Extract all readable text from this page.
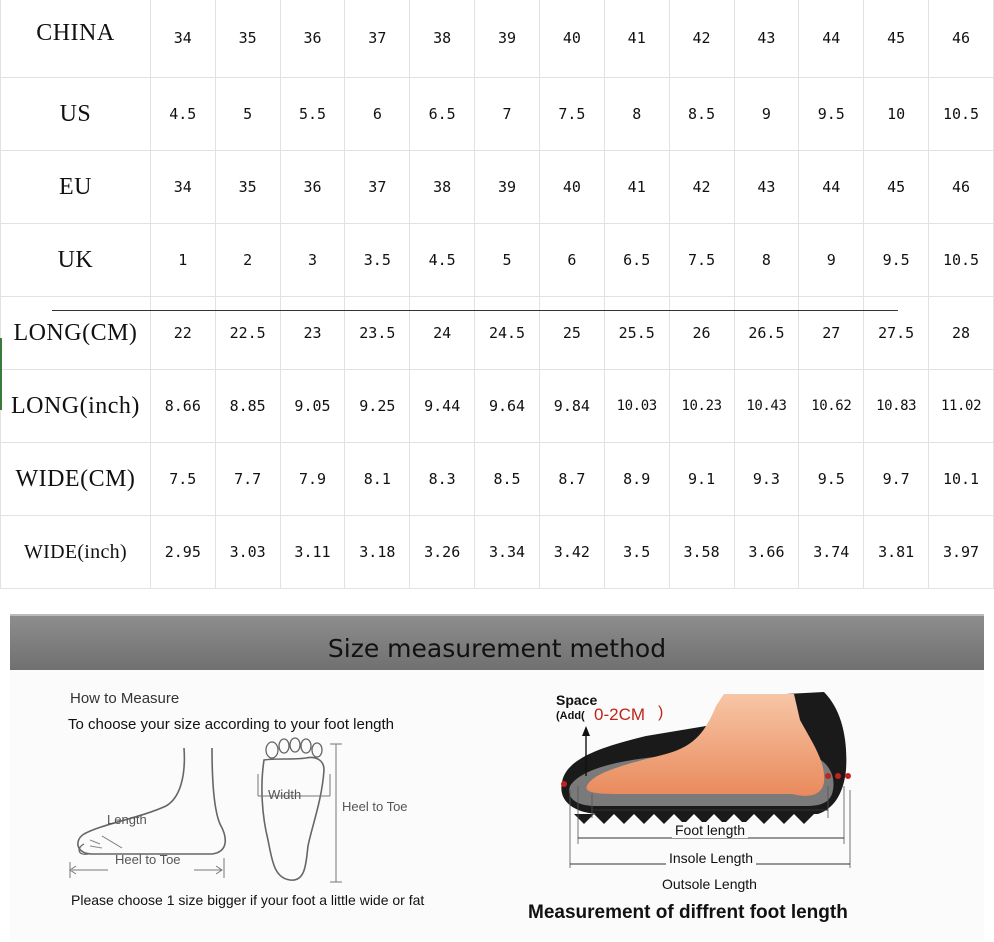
CHINA	34	35	36	37	38	39	40	41	42	43	44	45	46
US	4.5	5	5.5	6	6.5	7	7.5	8	8.5	9	9.5	10	10.5
EU	34	35	36	37	38	39	40	41	42	43	44	45	46
UK	1	2	3	3.5	4.5	5	6	6.5	7.5	8	9	9.5	10.5
LONG(CM)	22	22.5	23	23.5	24	24.5	25	25.5	26	26.5	27	27.5	28
LONG(inch)	8.66	8.85	9.05	9.25	9.44	9.64	9.84	10.03	10.23	10.43	10.62	10.83	11.02
WIDE(CM)	7.5	7.7	7.9	8.1	8.3	8.5	8.7	8.9	9.1	9.3	9.5	9.7	10.1
WIDE(inch)	2.95	3.03	3.11	3.18	3.26	3.34	3.42	3.5	3.58	3.66	3.74	3.81	3.97
Size measurement method
How to Measure
To choose your size according to your foot length
Length
Heel to Toe
Width
Heel to Toe
Please choose 1 size bigger if your foot a little wide or fat
Space
(Add( 0-2CM )
Foot length
Insole Length
Outsole Length
Measurement of diffrent foot length
